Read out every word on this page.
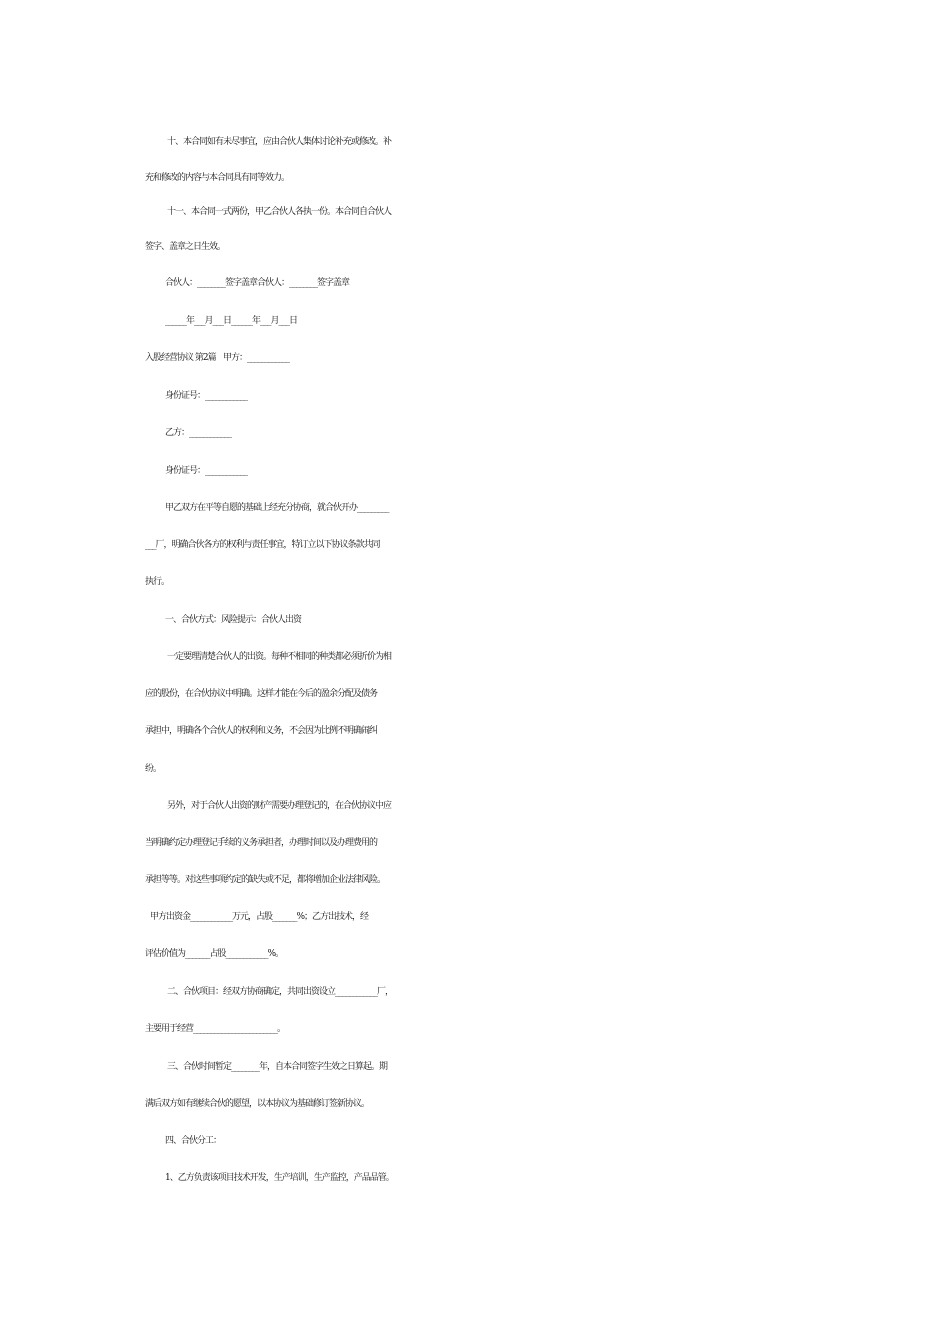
十、本合同如有未尽事宜，应由合伙人集体讨论补充或修改。补
充和修改的内容与本合同具有同等效力。
十一、本合同一式两份，甲乙合伙人各执一份。本合同自合伙人
签字、盖章之日生效。
合伙人：________签字盖章合伙人：________签字盖章
______年___月___日______年___月___日
入股经营协议 第2篇    甲方：____________
身份证号：____________
乙方：____________
身份证号：____________
甲乙双方在平等自愿的基础上经充分协商，就合伙开办_________
___厂，明确合伙各方的权利与责任事宜，特订立以下协议条款共同
执行。
一、合伙方式：风险提示：合伙人出资
一定要理清楚合伙人的出资。每种不相同的种类都必须折价为相
应的股份，在合伙协议中明确。这样才能在今后的盈余分配及债务
承担中，明确各个合伙人的权利和义务，不会因为比例不明确闹纠
纷。
另外，对于合伙人出资的财产需要办理登记的，在合伙协议中应
当明确约定办理登记手续的义务承担者，办理时间以及办理费用的
承担等等。对这些事项约定的缺失或不足，都将增加企业法律风险。
甲方出资金____________万元，占股_______%；乙方出技术，经
评估价值为_______占股____________%。
二、合伙项目：经双方协商确定，共同出资设立____________厂，
主要用于经营________________________。
三、合伙时间暂定________年，自本合同签字生效之日算起。期
满后双方如有继续合伙的愿望，以本协议为基础修订签新协议。
四、合伙分工：
1、乙方负责该项目技术开发，生产培训，生产监控，产品品管。
